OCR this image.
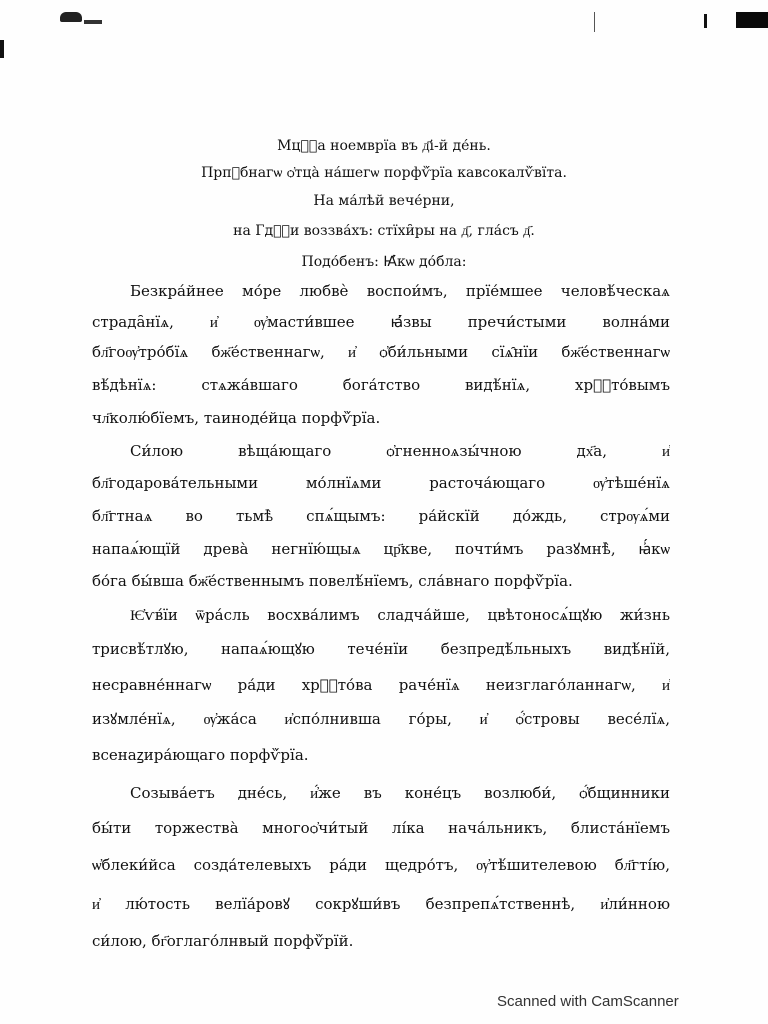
Мцⷭ҇а ноемврїа въ д҃і-й де́нь.
Прпⷣбнагѡ ѻ҆тца̀ на́шегѡ порфѷ́рїа кавсокалѷ́вїта.
На ма́лѣй вече́рни,
на Гдⷭ҇и воззва́хъ: стїхи̑ры на д҃, гла́съ д҃.
Подо́бенъ: Ꙗ҆́кѡ до́бла:
Безкра́йнее мо́ре любвѐ воспои́мъ, прїе́мшее человѣ́ческаѧ
страда̑нїѧ, и҆ ѹ҆масти́вшее ꙗ҆́звы пречи́стыми волна́ми
бл҃гоѹ҆тро́бїѧ бж҃е́ственнагѡ, и҆ ѻ҆би́льными сїѧ̑нїи бж҃е́ственнагѡ
вѣ́дѣнїѧ: стѧжа́вшаго бога́тство видѣ́нїѧ, хрⷭ҇то́вымъ
чл҃колю́бїемъ, таиноде́йцa порфѷ́рїа.
Си́лою вѣща́ющаго ѻ҆гненноѧзы́чною дх҃а, и҆
бл҃годарова́тельными мо́лнїѧми расточа́ющаго ѹ҆тѣше́нїѧ
бл҃гтнаѧ во тьмѣ̀ спѧ́щымъ: ра́йскїй до́ждь, стрѹѧ́ми
напаѧ́ющїй древа̀ негнїю́щыѧ цр҃кве, почти́мъ разꙋмнѣ̀, ꙗ҆́кѡ
бо́га бы́вша бж҃е́ственнымъ повелѣ́нїемъ, сла́внаго порфѷ́рїа.
Ѥ҆ѵв́їи ѿра́сль восхва́лимъ сладча́йше, цвѣтоносѧ́щꙋю жи́знь
трисвѣ́тлꙋю, напаѧ́ющꙋю тече́нїи безпредѣ́льныхъ видѣ́нїй,
несравне́ннагѡ ра́ди хрⷭ҇то́ва раче́нїѧ неизглаго́ланнагѡ, и҆
изꙋмле́нїѧ, ѹ҆жа́са и҆спо́лнивша го́ры, и҆ ѻ҆́стровы весе́лїѧ,
всенаꙁира́ющаго порфѷ́рїа.
Созыва́етъ дне́сь, и҆́же въ коне́цъ возлюби́, ѻ҆́бщинники
бы́ти торжества̀ многоѻ҆чи́тый лі́ка нача́льникъ, блиста́нїемъ
ѡ҆блеки́йса созда́телевыхъ ра́ди щедро́тъ, ѹ҆тѣ́шителевою бл҃гті́ю,
и҆ лю́тость велїа́ровꙋ сокрꙋши́въ безпрепѧ́тственнѣ, и҆ли́нною
си́лою, бг҃оглаго́лнвый порфѷ́рїй.
Scanned with CamScanner
